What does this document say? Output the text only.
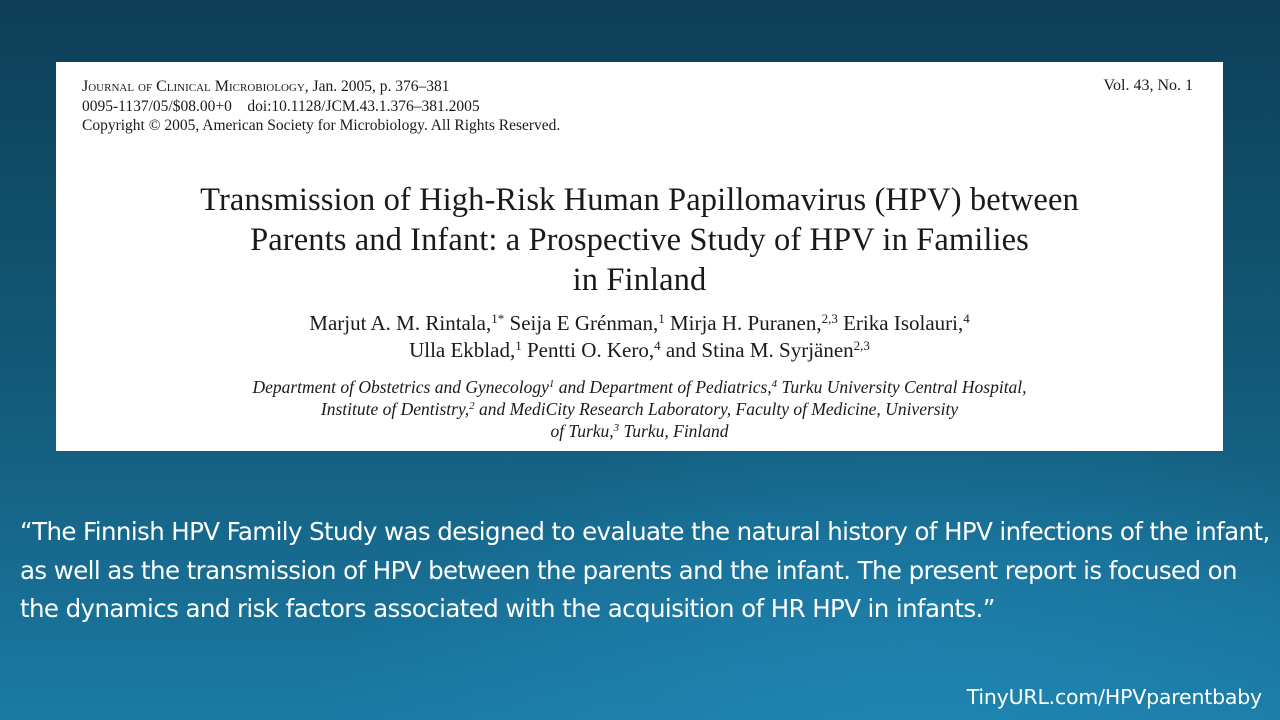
Journal of Clinical Microbiology, Jan. 2005, p. 376–381
0095-1137/05/$08.00+0    doi:10.1128/JCM.43.1.376–381.2005
Copyright © 2005, American Society for Microbiology. All Rights Reserved.
Vol. 43, No. 1
Transmission of High-Risk Human Papillomavirus (HPV) between
Parents and Infant: a Prospective Study of HPV in Families
in Finland
Marjut A. M. Rintala,$^{1*}$ Seija E Grénman,$^1$ Mirja H. Puranen,$^{2,3}$ Erika Isolauri,$^4$
Ulla Ekblad,$^1$ Pentti O. Kero,$^4$ and Stina M. Syrjänen$^{2,3}$
Department of Obstetrics and Gynecology$^1$ and Department of Pediatrics,$^4$ Turku University Central Hospital,
Institute of Dentistry,$^2$ and MediCity Research Laboratory, Faculty of Medicine, University
of Turku,$^3$ Turku, Finland

“The Finnish HPV Family Study was designed to evaluate the natural history of HPV infections of the infant, as well as the transmission of HPV between the parents and the infant. The present report is focused on the dynamics and risk factors associated with the acquisition of HR HPV in infants.”

TinyURL.com/HPVparentbaby
